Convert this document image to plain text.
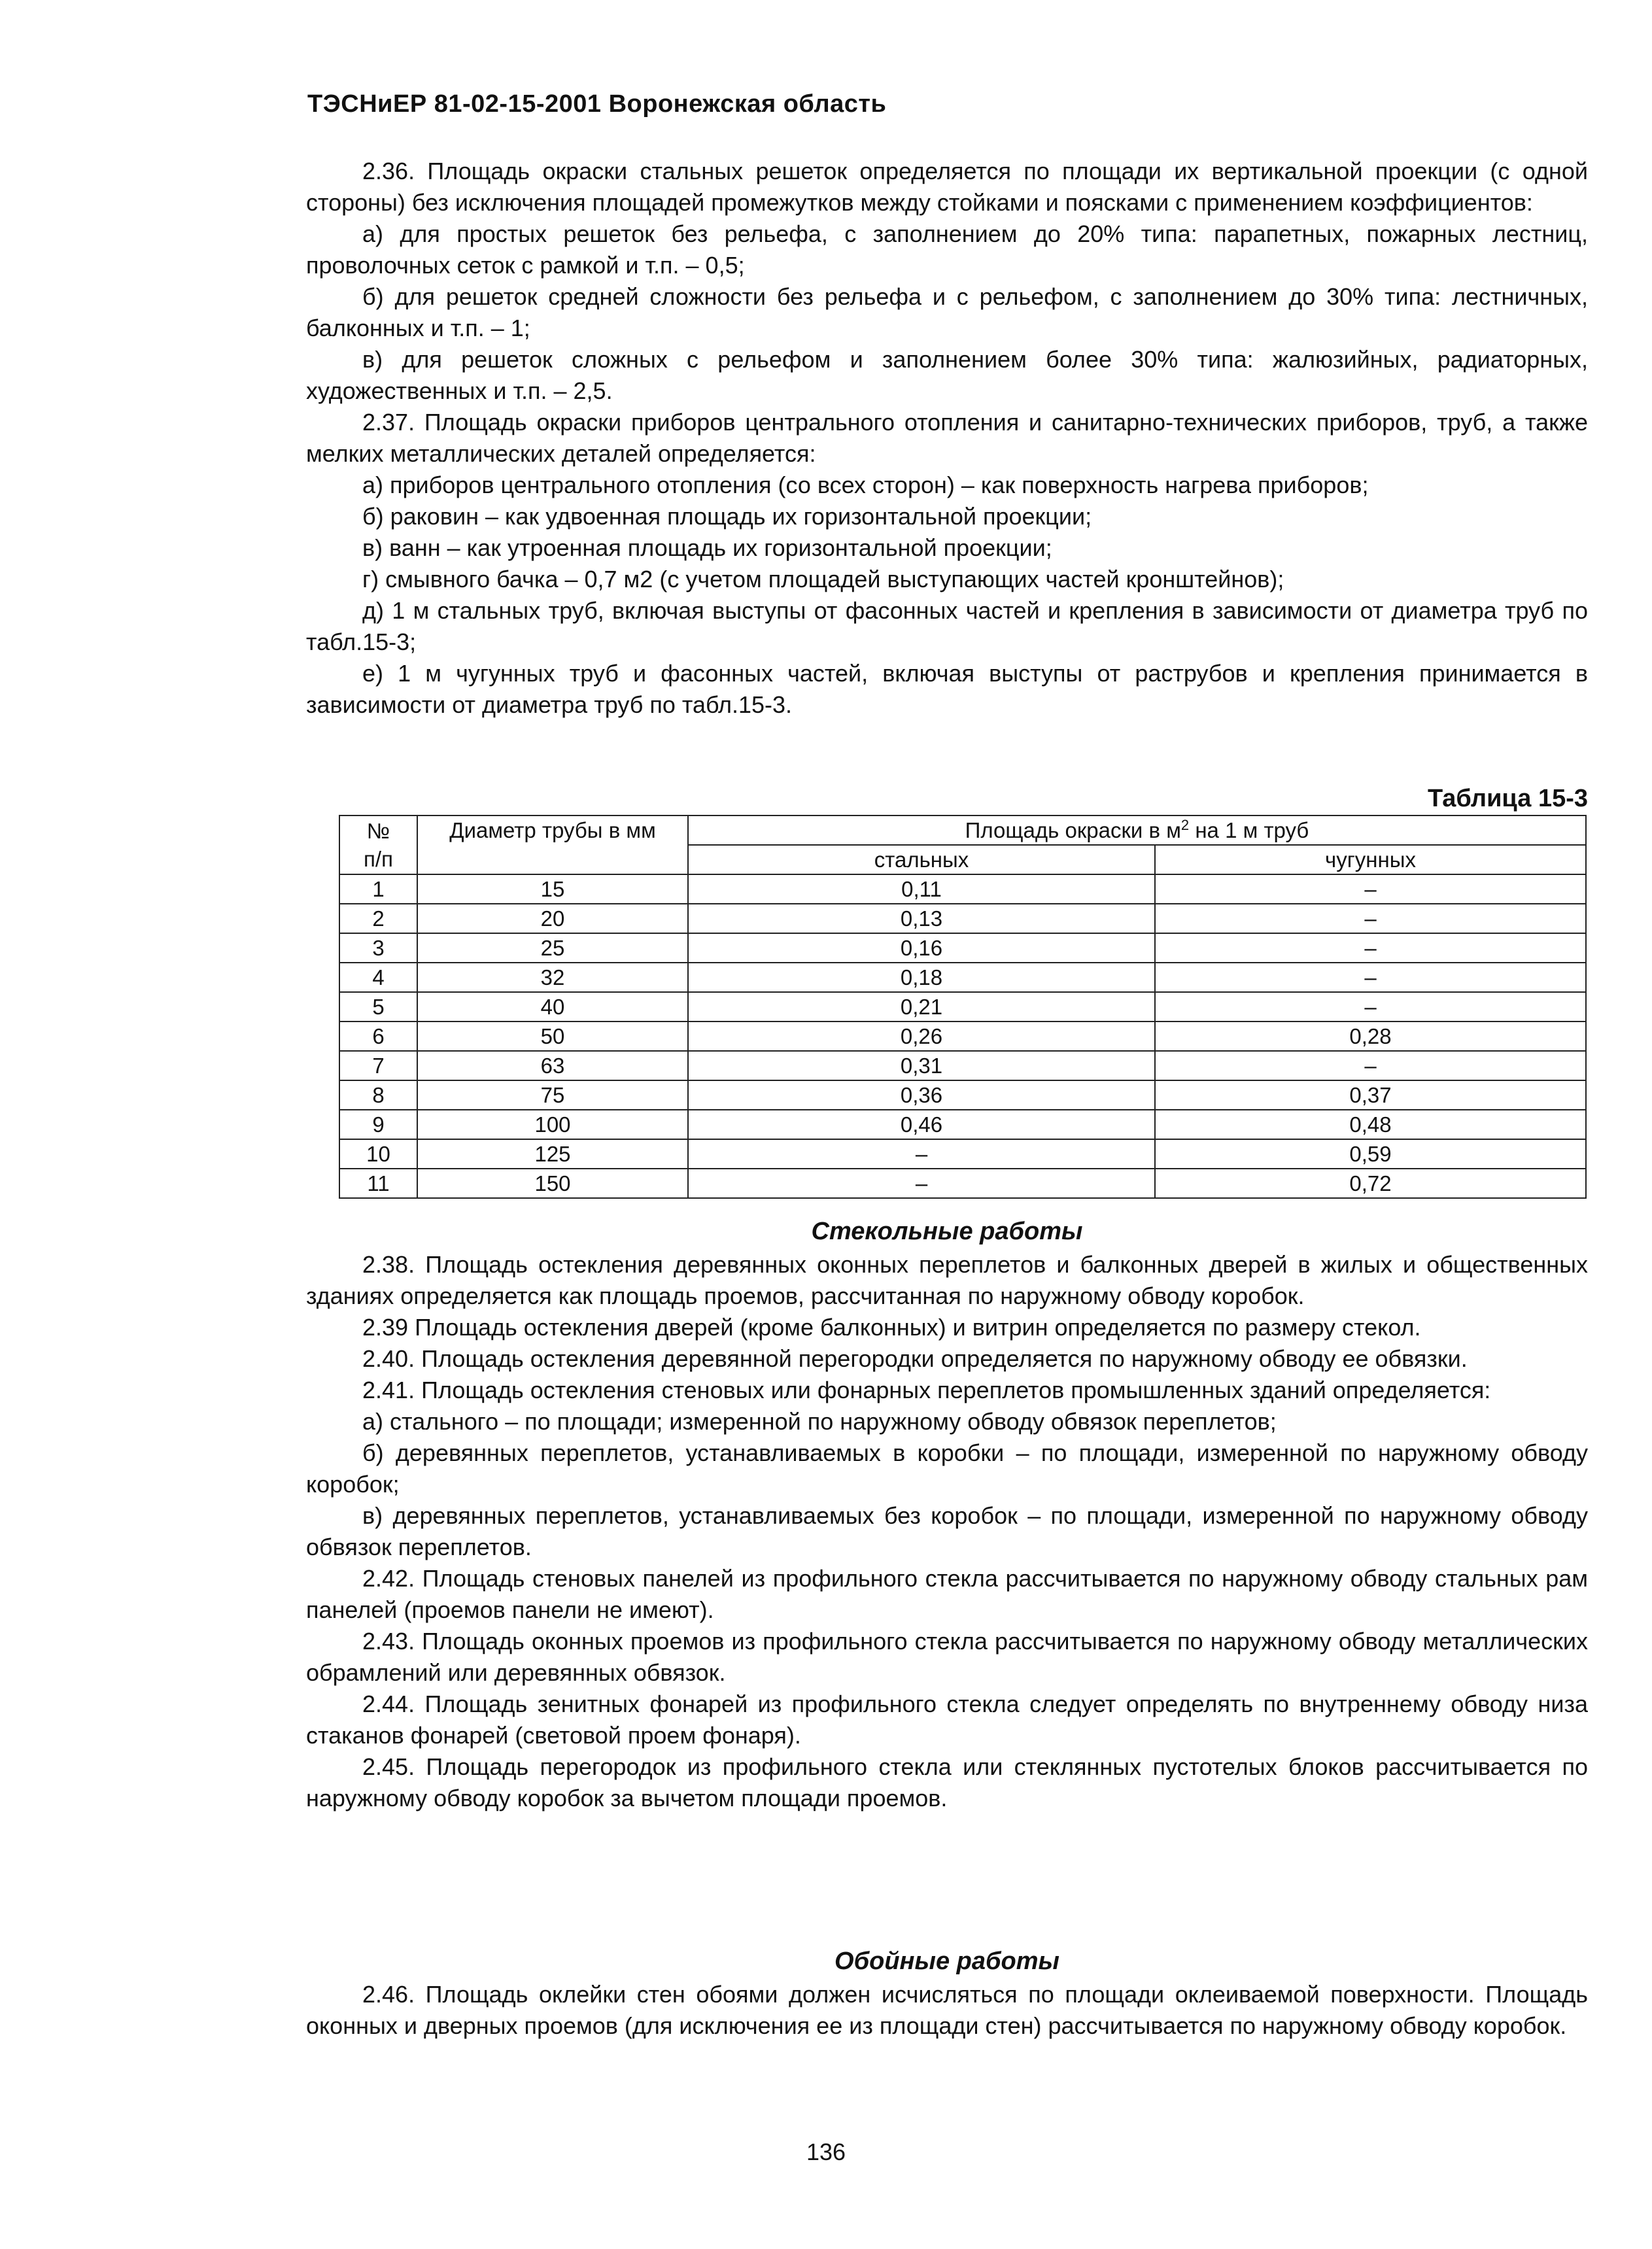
ТЭСНиЕР 81-02-15-2001 Воронежская область

2.36. Площадь окраски стальных решеток определяется по площади их вертикальной проекции (с одной стороны) без исключения площадей промежутков между стойками и поясками с применением коэффициентов:

а) для простых решеток без рельефа, с заполнением до 20% типа: парапетных, пожарных лестниц, проволочных сеток с рамкой и т.п. – 0,5;

б) для решеток средней сложности без рельефа и с рельефом, с заполнением до 30% типа: лестничных, балконных и т.п. – 1;

в) для решеток сложных с рельефом и заполнением более 30% типа: жалюзийных, радиаторных, художественных и т.п. – 2,5.

2.37. Площадь окраски приборов центрального отопления и санитарно-технических приборов, труб, а также мелких металлических деталей определяется:

а) приборов центрального отопления (со всех сторон) – как поверхность нагрева приборов;

б) раковин – как удвоенная площадь их горизонтальной проекции;

в) ванн – как утроенная площадь их горизонтальной проекции;

г) смывного бачка – 0,7 м2 (с учетом площадей выступающих частей кронштейнов);

д) 1 м стальных труб, включая выступы от фасонных частей и крепления в зависимости от диаметра труб по табл.15-3;

е) 1 м чугунных труб и фасонных частей, включая выступы от раструбов и крепления принимается в зависимости от диаметра труб по табл.15-3.

Таблица 15-3
№
п/п	Диаметр трубы в мм	Площадь окраски в $м^2$ на 1 м труб	
		стальных	чугунных
1	15	0,11	–
2	20	0,13	–
3	25	0,16	–
4	32	0,18	–
5	40	0,21	–
6	50	0,26	0,28
7	63	0,31	–
8	75	0,36	0,37
9	100	0,46	0,48
10	125	–	0,59
11	150	–	0,72
Стекольные работы

2.38. Площадь остекления деревянных оконных переплетов и балконных дверей в жилых и общественных зданиях определяется как площадь проемов, рассчитанная по наружному обводу коробок.

2.39 Площадь остекления дверей (кроме балконных) и витрин определяется по размеру стекол.

2.40. Площадь остекления деревянной перегородки определяется по наружному обводу ее обвязки.

2.41. Площадь остекления стеновых или фонарных переплетов промышленных зданий определяется:

а) стального – по площади; измеренной по наружному обводу обвязок переплетов;

б) деревянных переплетов, устанавливаемых в коробки – по площади, измеренной по наружному обводу коробок;

в) деревянных переплетов, устанавливаемых без коробок – по площади, измеренной по наружному обводу обвязок переплетов.

2.42. Площадь стеновых панелей из профильного стекла рассчитывается по наружному обводу стальных рам панелей (проемов панели не имеют).

2.43. Площадь оконных проемов из профильного стекла рассчитывается по наружному обводу металлических обрамлений или деревянных обвязок.

2.44. Площадь зенитных фонарей из профильного стекла следует определять по внутреннему обводу низа стаканов фонарей (световой проем фонаря).

2.45. Площадь перегородок из профильного стекла или стеклянных пустотелых блоков рассчитывается по наружному обводу коробок за вычетом площади проемов.

Обойные работы

2.46. Площадь оклейки стен обоями должен исчисляться по площади оклеиваемой поверхности. Площадь оконных и дверных проемов (для исключения ее из площади стен) рассчитывается по наружному обводу коробок.

136
